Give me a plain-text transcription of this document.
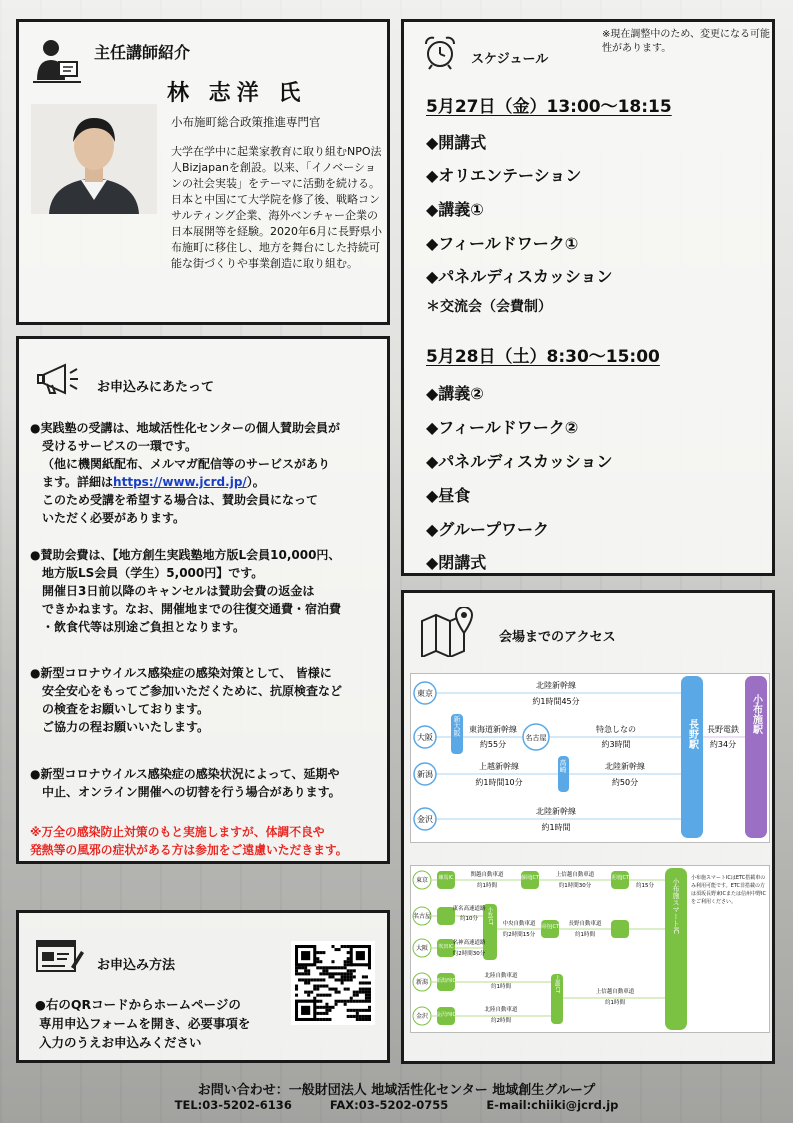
主任講師紹介
林 志洋 氏
小布施町総合政策推進専門官
大学在学中に起業家教育に取り組むNPO法人Bizjapanを創設。以来、「イノベーションの社会実装」をテーマに活動を続ける。日本と中国にて大学院を修了後、戦略コンサルティング企業、海外ベンチャー企業の日本展開等を経験。2020年6月に長野県小布施町に移住し、地方を舞台にした持続可能な街づくりや事業創造に取り組む。
お申込みにあたって
●実践塾の受講は、地域活性化センターの個人賛助会員が
受けるサービスの一環です。
（他に機関紙配布、メルマガ配信等のサービスがあり
ます。詳細はhttps://www.jcrd.jp/）。
このため受講を希望する場合は、賛助会員になって
いただく必要があります。
●賛助会費は、【地方創生実践塾地方版L会員10,000円、
地方版LS会員（学生）5,000円】です。
開催日3日前以降のキャンセルは賛助会費の返金は
できかねます。なお、開催地までの往復交通費・宿泊費
・飲食代等は別途ご負担となります。
●新型コロナウイルス感染症の感染対策として、 皆様に
安全安心をもってご参加いただくために、抗原検査など
の検査をお願いしております。
ご協力の程お願いいたします。
●新型コロナウイルス感染症の感染状況によって、延期や
中止、オンライン開催への切替を行う場合があります。
※万全の感染防止対策のもと実施しますが、体調不良や
発熱等の風邪の症状がある方は参加をご遠慮いただきます。
お申込み方法
●右のQRコードからホームページの
専用申込フォームを開き、必要事項を
入力のうえお申込みください
スケジュール
※現在調整中のため、変更になる可能性があります。
5月27日（金）13:00～18:15
◆開講式
◆オリエンテーション
◆講義①
◆フィールドワーク①
◆パネルディスカッション
＊交流会（会費制）
5月28日（土）8:30～15:00
◆講義②
◆フィールドワーク②
◆パネルディスカッション
◆昼食
◆グループワーク
◆閉講式
会場までのアクセス
東京
大阪
新潟
金沢
新大阪
名古屋
高崎
北陸新幹線
約1時間45分
東海道新幹線
約55分
特急しなの
約3時間
上越新幹線
約1時間10分
北陸新幹線
約50分
北陸新幹線
約1時間
長野駅 長野電鉄
約34分
小布施駅
東京
名古屋
大阪
新潟
金沢
練馬IC	藤岡JCT	更埴JCT
吹田IC
岡谷JCT
新潟西IC
金沢西IC
小牧JCT
上越JCT
小布施スマートIC
関越自動車道
約1時間
上信越自動車道
約1時間30分	約15分
東名高速道路
約10分
中央自動車道
約2時間15分
長野自動車道
約1時間
名神高速道路
約2時間30分
北陸自動車道
約1時間
上信越自動車道
約1時間
北陸自動車道
約2時間
小布施スマートICはETC搭載車のみ利用可能です。ETC非搭載の方は須坂長野東ICまたは信州中野ICをご利用ください。
お問い合わせ：一般財団法人 地域活性化センター 地域創生グループ
TEL:03-5202-6136	FAX:03-5202-0755	E-mail:chiiki@jcrd.jp
